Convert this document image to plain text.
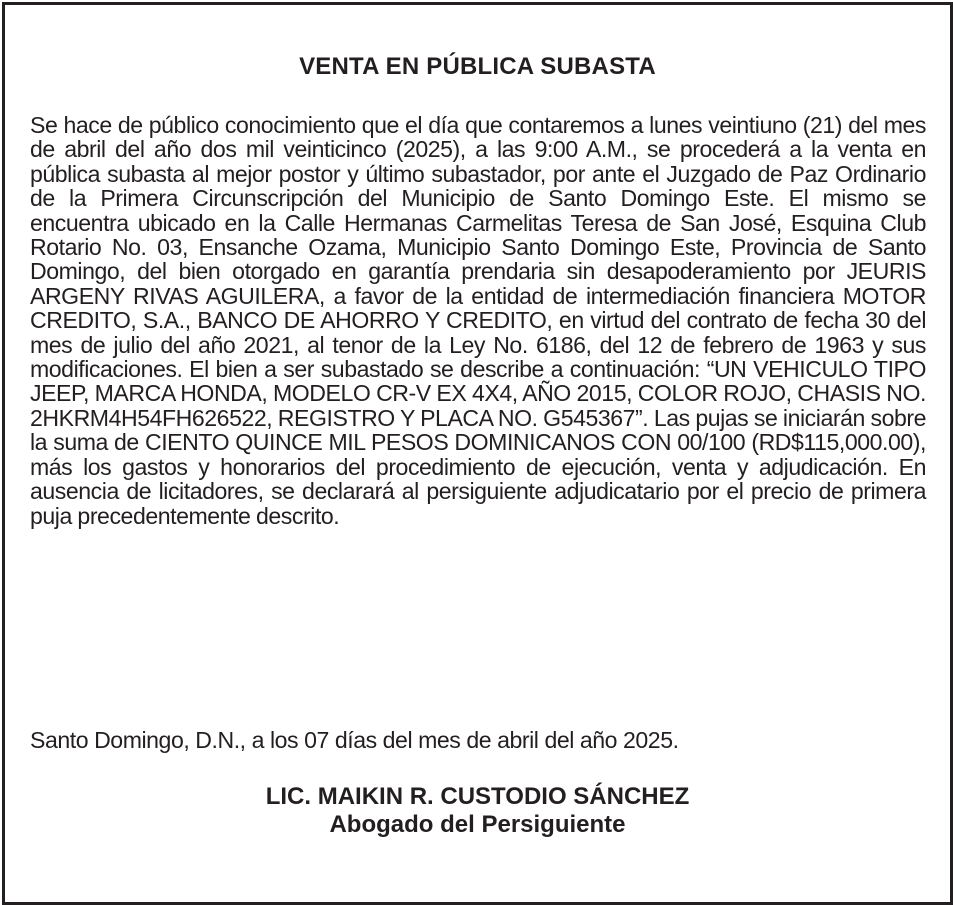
VENTA EN PÚBLICA SUBASTA

Se hace de público conocimiento que el día que contaremos a lunes veintiuno (21) del mes de abril del año dos mil veinticinco (2025), a las 9:00 A.M., se procederá a la venta en pública subasta al mejor postor y último subastador, por ante el Juzgado de Paz Ordinario de la Primera Circunscripción del Municipio de Santo Domingo Este. El mismo se encuentra ubicado en la Calle Hermanas Carmelitas Teresa de San José, Esquina Club Rotario No. 03, Ensanche Ozama, Municipio Santo Domingo Este, Provincia de Santo Domingo, del bien otorgado en garantía prendaria sin desapoderamiento por JEURIS ARGENY RIVAS AGUILERA, a favor de la entidad de intermediación financiera MOTOR CREDITO, S.A., BANCO DE AHORRO Y CREDITO, en virtud del contrato de fecha 30 del mes de julio del año 2021, al tenor de la Ley No. 6186, del 12 de febrero de 1963 y sus modificaciones. El bien a ser subastado se describe a continuación: “UN VEHICULO TIPO JEEP, MARCA HONDA, MODELO CR-V EX 4X4, AÑO 2015, COLOR ROJO, CHASIS NO. 2HKRM4H54FH626522, REGISTRO Y PLACA NO. G545367”. Las pujas se iniciarán sobre la suma de CIENTO QUINCE MIL PESOS DOMINICANOS CON 00/100 (RD$115,000.00), más los gastos y honorarios del procedimiento de ejecución, venta y adjudicación. En ausencia de licitadores, se declarará al persiguiente adjudicatario por el precio de primera puja precedentemente descrito.

Santo Domingo, D.N., a los 07 días del mes de abril del año 2025.

LIC. MAIKIN R. CUSTODIO SÁNCHEZ
Abogado del Persiguiente
